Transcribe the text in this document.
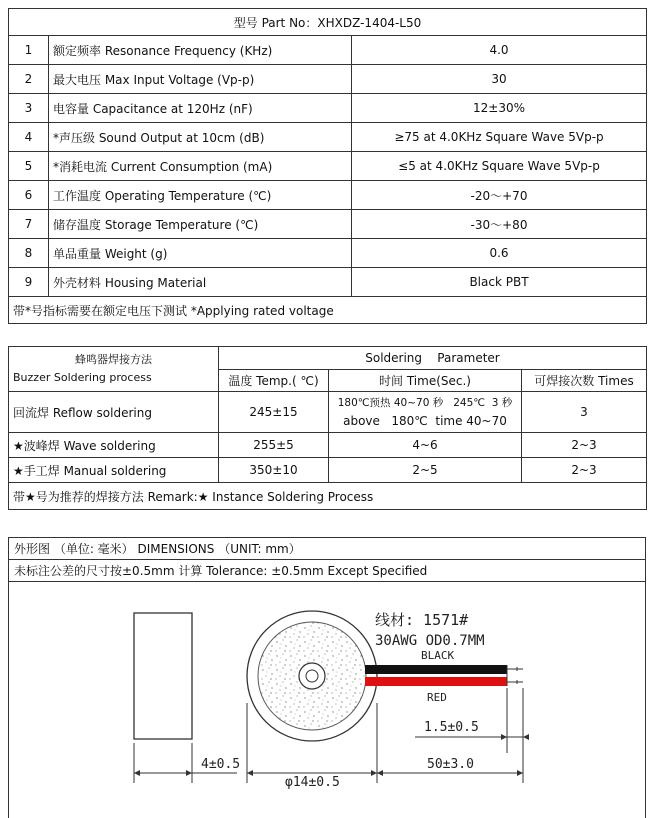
型号 Part No：XHXDZ-1404-L50		
1	额定频率 Resonance Frequency (KHz)	4.0
2	最大电压 Max Input Voltage (Vp-p)	30
3	电容量 Capacitance at 120Hz (nF)	12±30%
4	*声压级 Sound Output at 10cm (dB)	≥75 at 4.0KHz Square Wave 5Vp-p
5	*消耗电流 Current Consumption (mA)	≤5 at 4.0KHz Square Wave 5Vp-p
6	工作温度 Operating Temperature (℃)	-20～+70
7	储存温度 Storage Temperature (℃)	-30～+80
8	单品重量 Weight (g)	0.6
9	外壳材料 Housing Material	Black PBT
带*号指标需要在额定电压下测试 *Applying rated voltage		
蜂鸣器焊接方法
Buzzer Soldering process	Soldering    Parameter		
	温度 Temp.( ℃)	时间 Time(Sec.)	可焊接次数 Times
回流焊 Reflow soldering	245±15	180℃预热 40~70 秒   245℃  3 秒
above   180℃  time 40~70	3
★波峰焊 Wave soldering	255±5	4~6	2~3
★手工焊 Manual soldering	350±10	2~5	2~3
带★号为推荐的焊接方法 Remark:★ Instance Soldering Process			
外形图 （单位: 毫米） DIMENSIONS （UNIT: mm）
未标注公差的尺寸按±0.5mm 计算 Tolerance: ±0.5mm Except Specified
4±0.5
BLACK
RED
线材: 1571#
30AWG OD0.7MM
1.5±0.5
φ14±0.5
50±3.0
